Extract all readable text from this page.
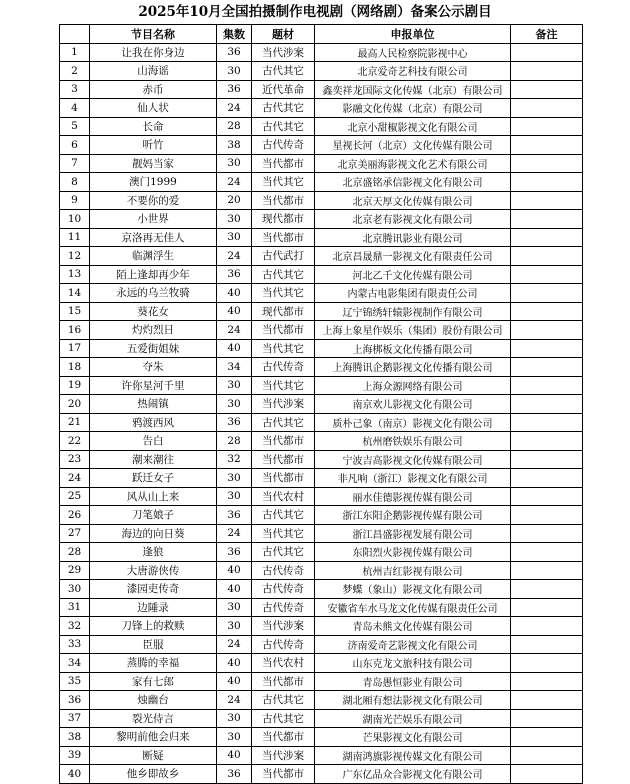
2025年10月全国拍摄制作电视剧（网络剧）备案公示剧目
	节目名称	集数	题材	申报单位	备注
1	让我在你身边	36	当代涉案	最高人民检察院影视中心	
2	山海谣	30	古代其它	北京爱奇艺科技有限公司	
3	赤币	36	近代革命	鑫奕祥龙国际文化传媒（北京）有限公司	
4	仙人状	24	古代其它	影融文化传媒（北京）有限公司	
5	长命	28	古代其它	北京小甜椒影视文化有限公司	
6	听竹	38	古代传奇	星视长河（北京）文化传媒有限公司	
7	靓妈当家	30	当代都市	北京美丽海影视文化艺术有限公司	
8	澳门1999	24	当代其它	北京盛铭承信影视文化有限公司	
9	不要你的爱	20	当代都市	北京天厚文化传媒有限公司	
10	小世界	30	现代都市	北京老有影视文化有限公司	
11	京洛再无佳人	30	当代都市	北京腾讯影业有限公司	
12	临渊浮生	24	古代武打	北京昌晟鼎一影视文化有限责任公司	
13	陌上逢却再少年	36	古代其它	河北乙千文化传媒有限公司	
14	永远的乌兰牧骑	40	当代其它	内蒙古电影集团有限责任公司	
15	葵花女	40	现代都市	辽宁锦绣轩辕影视制作有限公司	
16	灼灼烈日	24	当代都市	上海上象星作娱乐（集团）股份有限公司	
17	五爱街姐妹	40	当代其它	上海梆板文化传播有限公司	
18	夺朱	34	古代传奇	上海腾讯企鹅影视文化传播有限公司	
19	许你星河千里	30	当代其它	上海众源网络有限公司	
20	热闹镇	30	当代涉案	南京欢儿影视文化有限公司	
21	鸦渡西风	36	古代其它	质朴己象（南京）影视文化有限公司	
22	告白	28	当代都市	杭州磨铁娱乐有限公司	
23	潮来潮往	32	当代都市	宁波吉高影视文化传媒有限公司	
24	跃迁女子	30	当代都市	非凡响（浙江）影视文化有限公司	
25	风从山上来	30	当代农村	丽水佳德影视传媒有限公司	
26	刀笔娘子	36	古代其它	浙江东阳企鹅影视传媒有限公司	
27	海边的向日葵	24	当代其它	浙江昌盛影视发展有限公司	
28	逢狼	36	古代其它	东阳烈火影视传媒有限公司	
29	大唐游侠传	40	古代传奇	杭州吉红影视有限公司	
30	漆园吏传奇	40	古代传奇	梦蝶（象山）影视文化有限公司	
31	边陲录	30	古代传奇	安徽省车水马龙文化传媒有限责任公司	
32	刀锋上的救赎	30	当代涉案	青岛未熊文化传媒有限公司	
33	臣服	24	古代传奇	济南爱奇艺影视文化有限公司	
34	蒸腾的幸福	40	当代农村	山东克龙文旅科技有限公司	
35	家有七郎	40	当代都市	青岛愚恒影业有限公司	
36	烛幽台	24	古代其它	湖北厢有想法影视文化有限公司	
37	裂光侍言	30	古代其它	湖南光芒娱乐有限公司	
38	黎明前他会归来	30	当代都市	芒果影视文化有限公司	
39	断疑	40	当代涉案	湖南鸿旗影视传媒文化有限公司	
40	他乡即故乡	36	当代都市	广东亿品众合影视文化有限公司	
